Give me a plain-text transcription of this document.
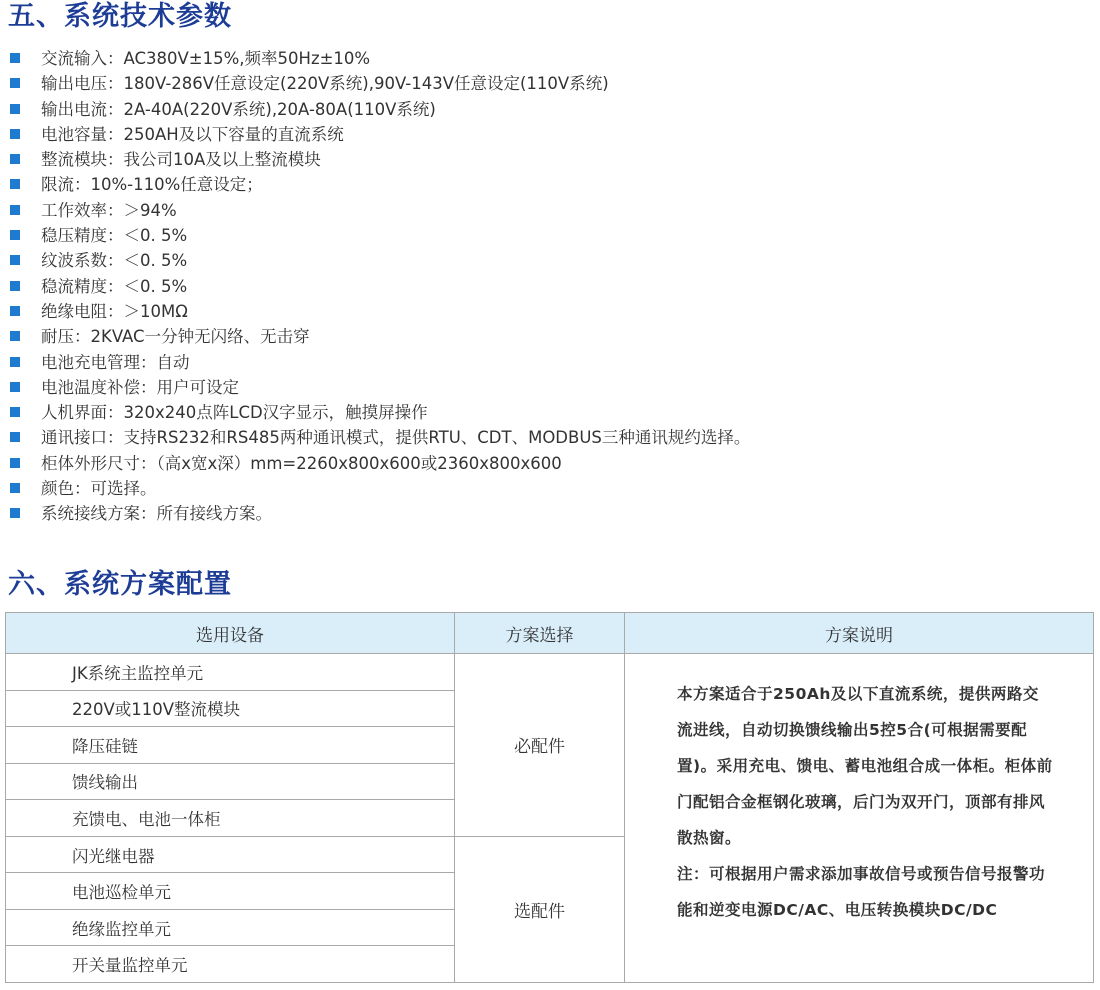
五、系统技术参数
交流输入：AC380V±15%,频率50Hz±10%
输出电压：180V-286V任意设定(220V系统),90V-143V任意设定(110V系统)
输出电流：2A-40A(220V系统),20A-80A(110V系统)
电池容量：250AH及以下容量的直流系统
整流模块：我公司10A及以上整流模块
限流：10%-110%任意设定；
工作效率：＞94%
稳压精度：＜0. 5%
纹波系数：＜0. 5%
稳流精度：＜0. 5%
绝缘电阻：＞10MΩ
耐压：2KVAC一分钟无闪络、无击穿
电池充电管理：自动
电池温度补偿：用户可设定
人机界面：320x240点阵LCD汉字显示，触摸屏操作
通讯接口：支持RS232和RS485两种通讯模式，提供RTU、CDT、MODBUS三种通讯规约选择。
柜体外形尺寸：（高x宽x深）mm=2260x800x600或2360x800x600
颜色：可选择。
系统接线方案：所有接线方案。
六、系统方案配置
选用设备	方案选择	方案说明
JK系统主监控单元	必配件	本方案适合于250Ah及以下直流系统，提供两路交流进线，自动切换馈线输出5控5合(可根据需要配置)。采用充电、馈电、蓄电池组合成一体柜。柜体前门配铝合金框钢化玻璃，后门为双开门，顶部有排风散热窗。

注：可根据用户需求添加事故信号或预告信号报警功能和逆变电源DC/AC、电压转换模块DC/DC

220V或110V整流模块		
降压硅链		
馈线输出		
充馈电、电池一体柜		
闪光继电器	选配件	
电池巡检单元		
绝缘监控单元		
开关量监控单元		
